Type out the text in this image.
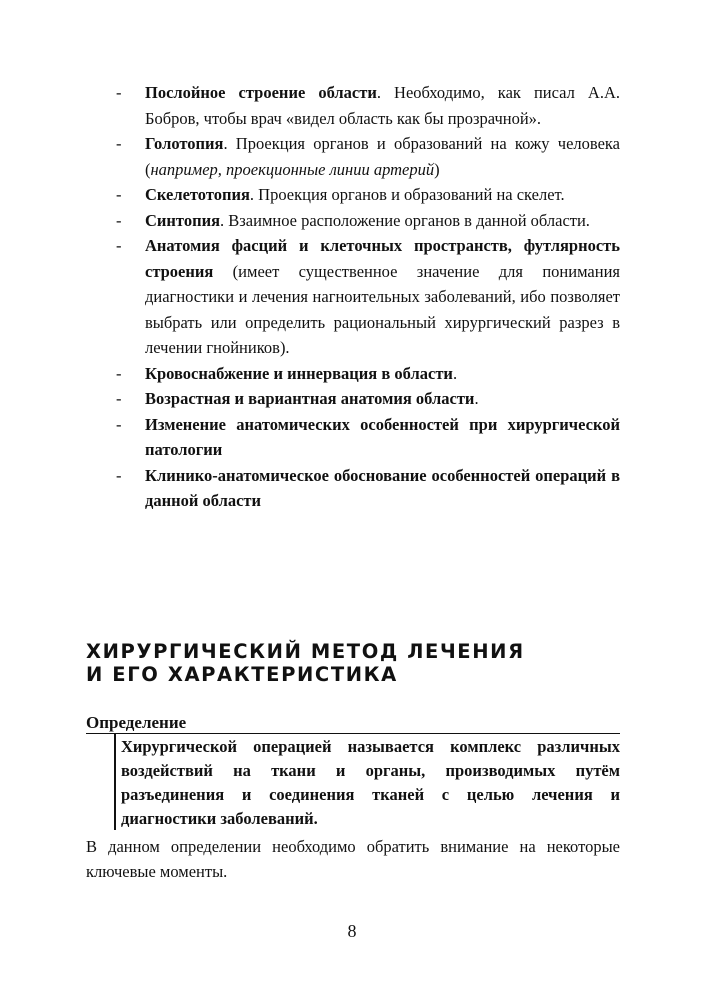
- Послойное строение области. Необходимо, как писал А.А. Бобров, чтобы врач «видел область как бы прозрачной».
- Голотопия. Проекция органов и образований на кожу человека (например, проекционные линии артерий)
- Скелетотопия. Проекция органов и образований на скелет.
- Синтопия. Взаимное расположение органов в данной области.
- Анатомия фасций и клеточных пространств, футлярность строения (имеет существенное значение для понимания диагностики и лечения нагноительных заболеваний, ибо позволяет выбрать или определить рациональный хирургический разрез в лечении гнойников).
- Кровоснабжение и иннервация в области.
- Возрастная и вариантная анатомия области.
- Изменение анатомических особенностей при хирургической патологии
- Клинико-анатомическое обоснование особенностей операций в данной области
ХИРУРГИЧЕСКИЙ МЕТОД ЛЕЧЕНИЯ
И ЕГО ХАРАКТЕРИСТИКА
Определение
Хирургической операцией называется комплекс различных воздействий на ткани и органы, производимых путём разъединения и соединения тканей с целью лечения и диагностики заболеваний.
В данном определении необходимо обратить внимание на некоторые ключевые моменты.
8
